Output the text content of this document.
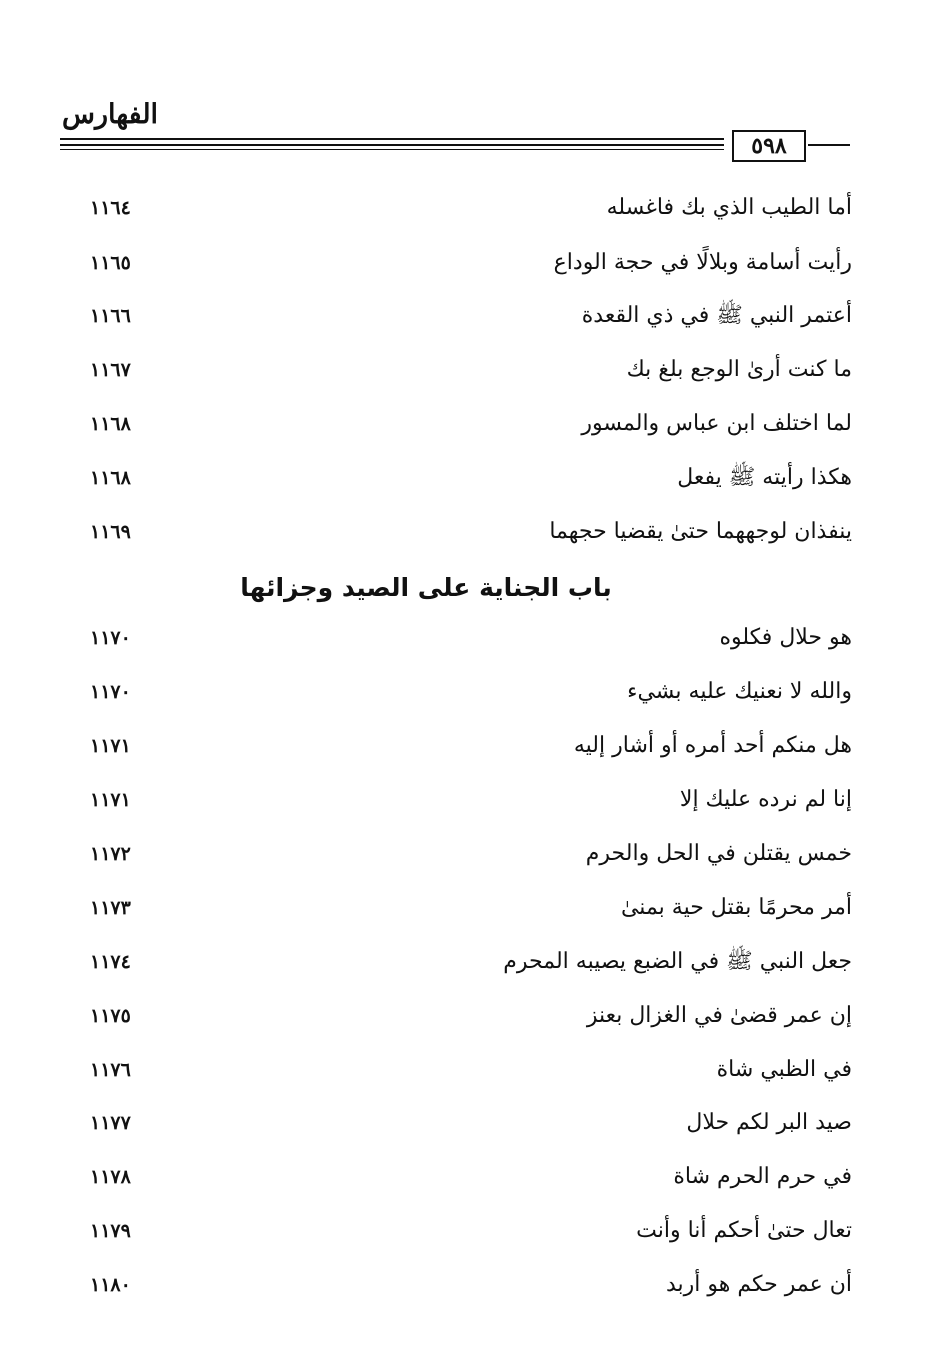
الفهارس
٥٩٨
أما الطيب الذي بك فاغسله
١١٦٤
رأيت أسامة وبلالًا في حجة الوداع
١١٦٥
أعتمر النبي ﷺ في ذي القعدة
١١٦٦
ما كنت أرىٰ الوجع بلغ بك
١١٦٧
لما اختلف ابن عباس والمسور
١١٦٨
هكذا رأيته ﷺ يفعل
١١٦٨
ينفذان لوجههما حتىٰ يقضيا حجهما
١١٦٩
باب الجناية على الصيد وجزائها
هو حلال فكلوه
١١٧٠
والله لا نعنيك عليه بشيء
١١٧٠
هل منكم أحد أمره أو أشار إليه
١١٧١
إنا لم نرده عليك إلا
١١٧١
خمس يقتلن في الحل والحرم
١١٧٢
أمر محرمًا بقتل حية بمنىٰ
١١٧٣
جعل النبي ﷺ في الضبع يصيبه المحرم
١١٧٤
إن عمر قضىٰ في الغزال بعنز
١١٧٥
في الظبي شاة
١١٧٦
صيد البر لكم حلال
١١٧٧
في حرم الحرم شاة
١١٧٨
تعال حتىٰ أحكم أنا وأنت
١١٧٩
أن عمر حكم هو أربد
١١٨٠
